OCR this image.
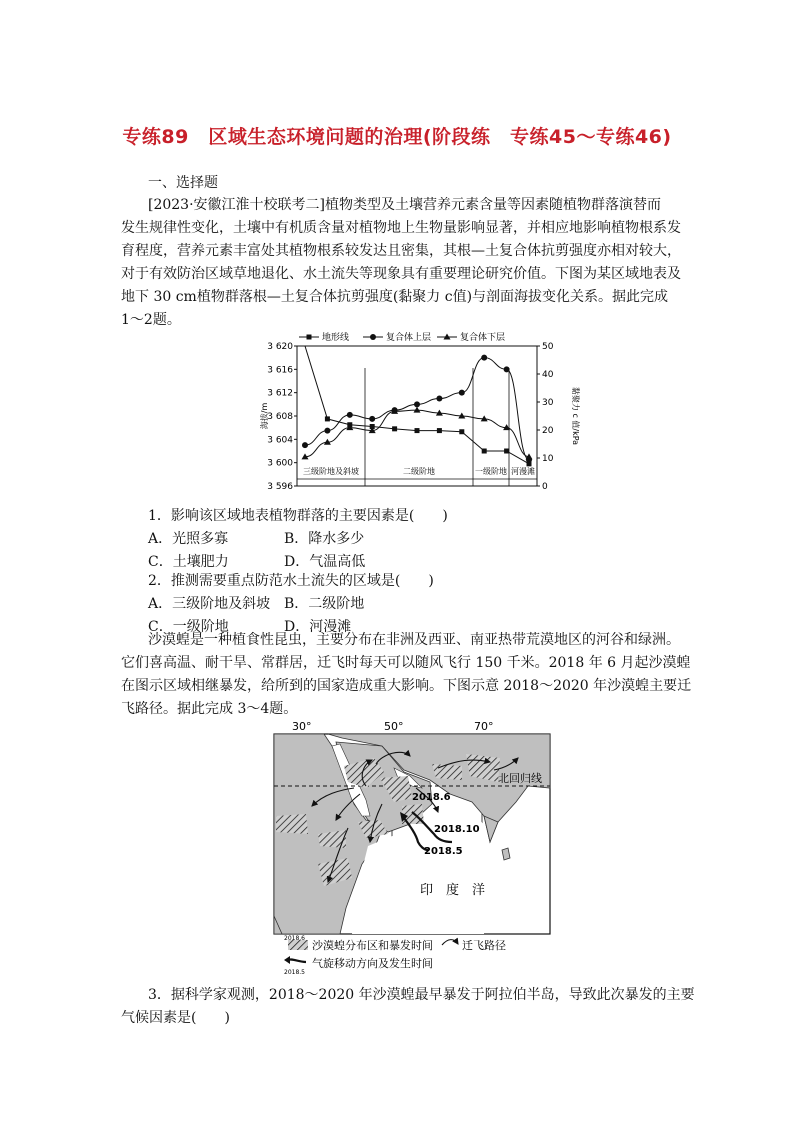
专练89　区域生态环境问题的治理(阶段练　专练45～专练46)
一、选择题
[2023·安徽江淮十校联考二]植物类型及土壤营养元素含量等因素随植物群落演替而
发生规律性变化，土壤中有机质含量对植物地上生物量影响显著，并相应地影响植物根系发
育程度，营养元素丰富处其植物根系较发达且密集，其根—土复合体抗剪强度亦相对较大，
对于有效防治区域草地退化、水土流失等现象具有重要理论研究价值。下图为某区域地表及
地下 30 cm植物群落根—土复合体抗剪强度(黏聚力 c值)与剖面海拔变化关系。据此完成
1～2题。
3 620
3 616
3 612
3 608
3 604
3 600
3 596
50
40
30
20
10
0
海拔/m	黏聚力 c 值/kPa
地形线	复合体上层	复合体下层
三级阶地及斜坡	二级阶地	一级阶地 河漫滩
1．影响该区域地表植物群落的主要因素是(　　)
A．光照多寡	B．降水多少
C．土壤肥力	D．气温高低
2．推测需要重点防范水土流失的区域是(　　)
A．三级阶地及斜坡 B．二级阶地
C．一级阶地	D．河漫滩
沙漠蝗是一种植食性昆虫，主要分布在非洲及西亚、南亚热带荒漠地区的河谷和绿洲。
它们喜高温、耐干旱、常群居，迁飞时每天可以随风飞行 150 千米。2018 年 6 月起沙漠蝗
在图示区域相继暴发，给所到的国家造成重大影响。下图示意 2018～2020 年沙漠蝗主要迁
飞路径。据此完成 3～4题。
30°	50°	70°
北回归线
2018.6
2018.10
2018.5
印　度　洋
2018.6
沙漠蝗分布区和暴发时间	迁飞路径
2018.5
气旋移动方向及发生时间
3．据科学家观测，2018～2020 年沙漠蝗最早暴发于阿拉伯半岛，导致此次暴发的主要
气候因素是(　　)
